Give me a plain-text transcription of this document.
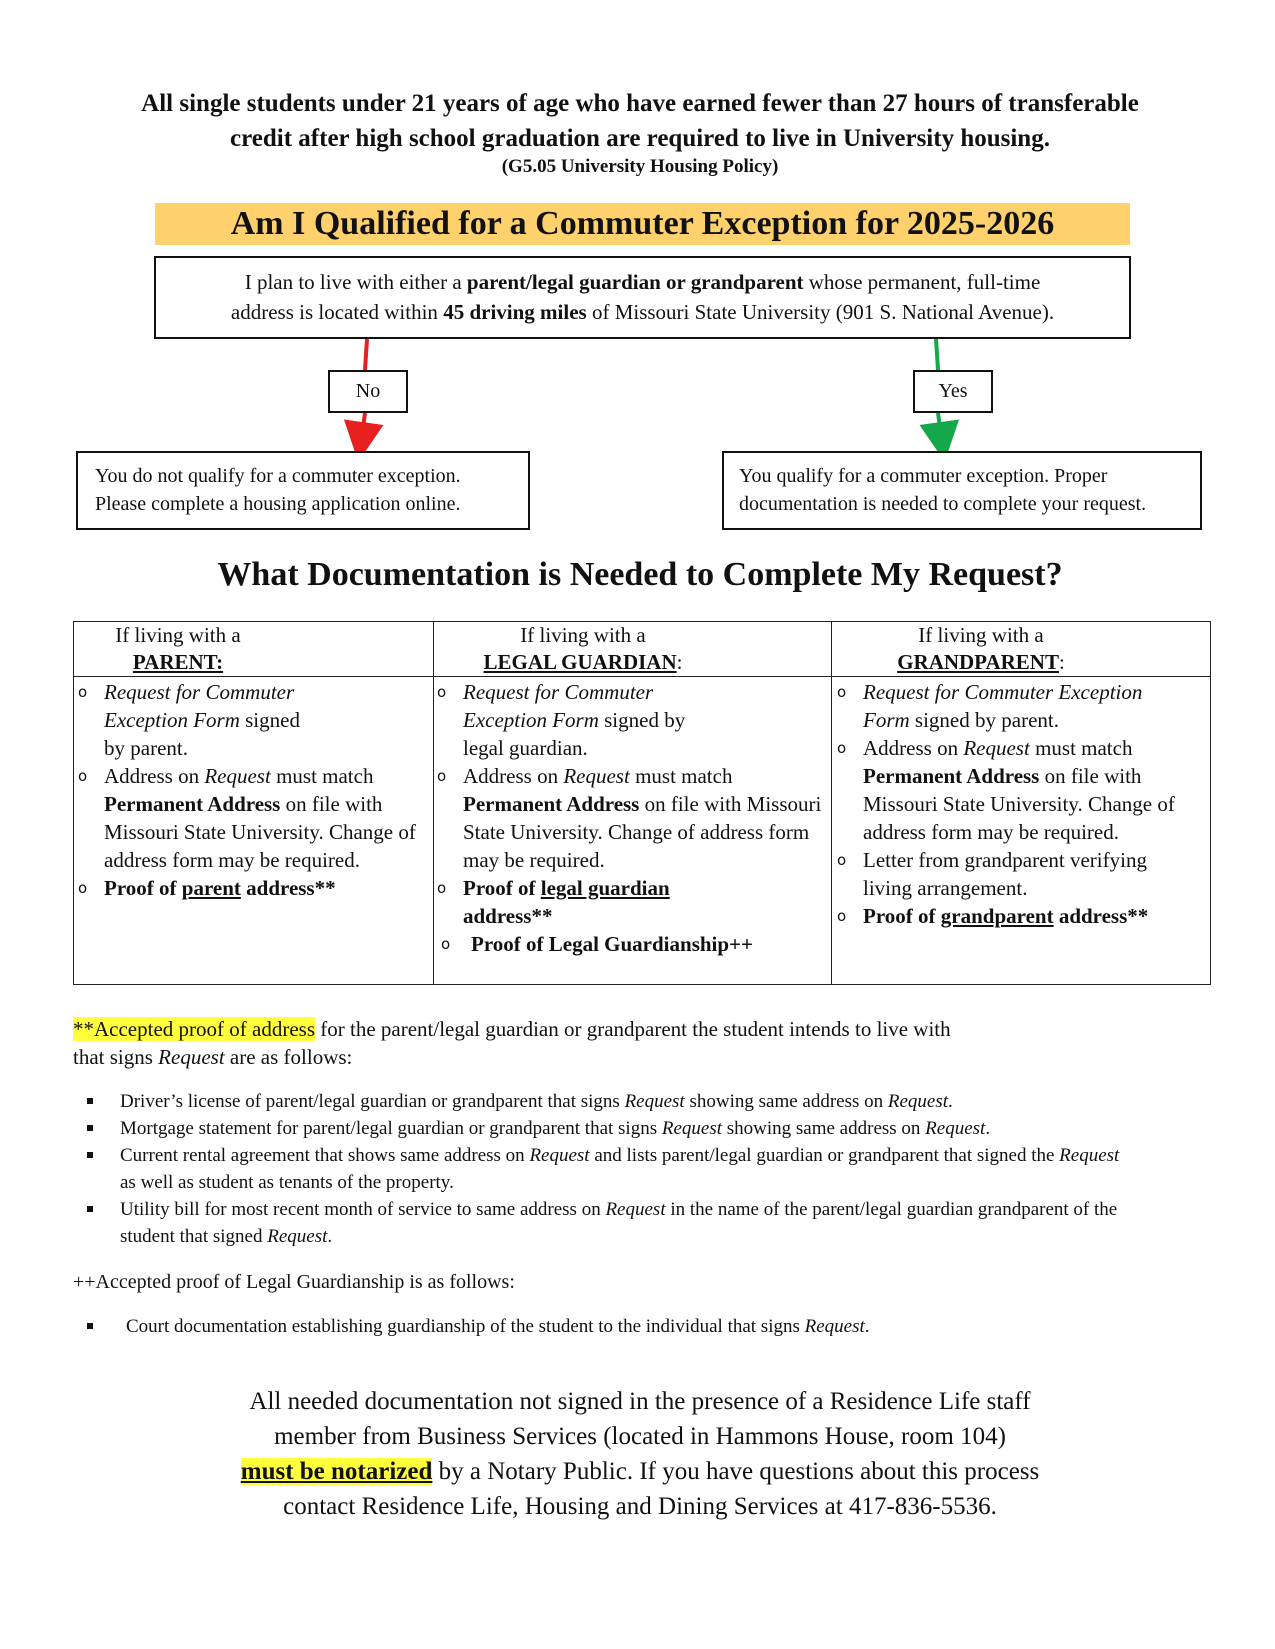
All single students under 21 years of age who have earned fewer than 27 hours of transferable
credit after high school graduation are required to live in University housing.
(G5.05 University Housing Policy)
Am I Qualified for a Commuter Exception for 2025-2026
I plan to live with either a parent/legal guardian or grandparent whose permanent, full-time
address is located within 45 driving miles of Missouri State University (901 S. National Avenue).
No	Yes
You do not qualify for a commuter exception.
Please complete a housing application online.
You qualify for a commuter exception. Proper
documentation is needed to complete your request.
What Documentation is Needed to Complete My Request?
If living with a
PARENT:
o Request for Commuter Exception Form signed by parent.
o Address on Request must match Permanent Address on file with Missouri State University. Change of address form may be required.
o Proof of parent address**
If living with a
LEGAL GUARDIAN:
o Request for Commuter Exception Form signed by legal guardian.
o Address on Request must match Permanent Address on file with Missouri State University. Change of address form may be required.
o Proof of legal guardian address**
o Proof of Legal Guardianship++
If living with a
GRANDPARENT:
o Request for Commuter Exception Form signed by parent.
o Address on Request must match Permanent Address on file with Missouri State University. Change of address form may be required.
o Letter from grandparent verifying living arrangement.
o Proof of grandparent address**
**Accepted proof of address for the parent/legal guardian or grandparent the student intends to live with
that signs Request are as follows:
Driver’s license of parent/legal guardian or grandparent that signs Request showing same address on Request.
Mortgage statement for parent/legal guardian or grandparent that signs Request showing same address on Request.
Current rental agreement that shows same address on Request and lists parent/legal guardian or grandparent that signed the Request as well as student as tenants of the property.
Utility bill for most recent month of service to same address on Request in the name of the parent/legal guardian grandparent of the student that signed Request.
++Accepted proof of Legal Guardianship is as follows:
Court documentation establishing guardianship of the student to the individual that signs Request.
All needed documentation not signed in the presence of a Residence Life staff
member from Business Services (located in Hammons House, room 104)
must be notarized by a Notary Public. If you have questions about this process
contact Residence Life, Housing and Dining Services at 417-836-5536.
